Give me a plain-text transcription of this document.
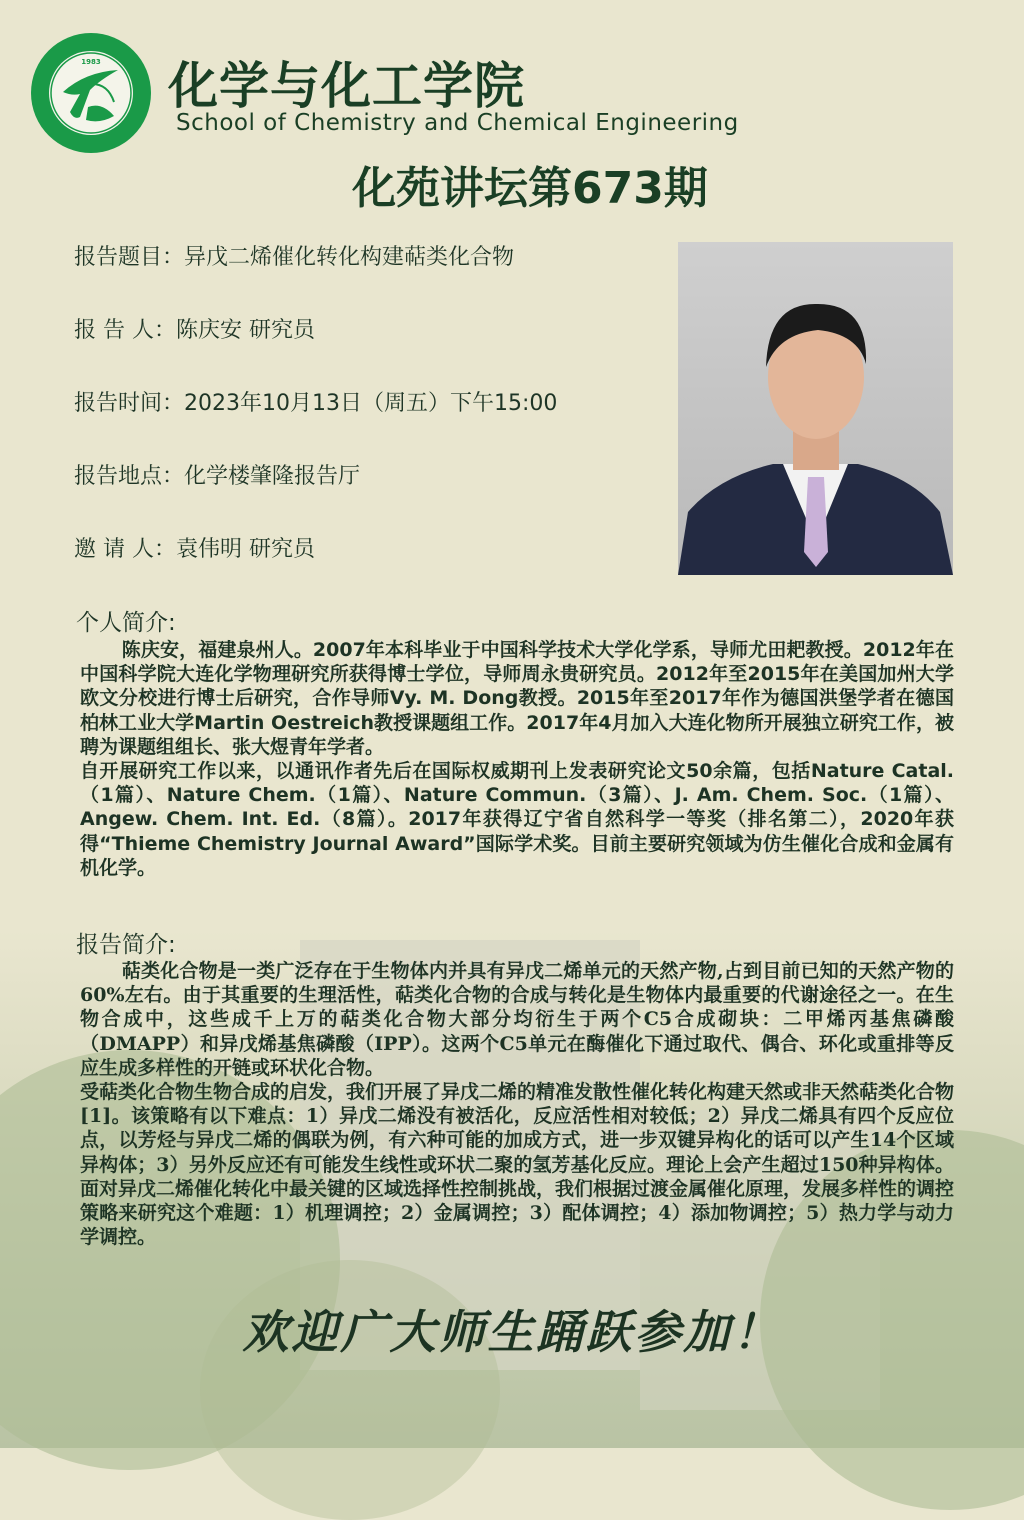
1983 化学与化工学院
School of Chemistry and Chemical Engineering
化苑讲坛第673期
报告题目：异戊二烯催化转化构建萜类化合物
报 告 人：陈庆安 研究员
报告时间：2023年10月13日（周五）下午15:00
报告地点：化学楼肇隆报告厅
邀 请 人：袁伟明 研究员
个人简介:

陈庆安，福建泉州人。2007年本科毕业于中国科学技术大学化学系，导师尤田耙教授。2012年在中国科学院大连化学物理研究所获得博士学位，导师周永贵研究员。2012年至2015年在美国加州大学欧文分校进行博士后研究，合作导师Vy. M. Dong教授。2015年至2017年作为德国洪堡学者在德国柏林工业大学Martin Oestreich教授课题组工作。2017年4月加入大连化物所开展独立研究工作，被聘为课题组组长、张大煜青年学者。

自开展研究工作以来，以通讯作者先后在国际权威期刊上发表研究论文50余篇，包括Nature Catal.（1篇）、Nature Chem.（1篇）、Nature Commun.（3篇）、J. Am. Chem. Soc.（1篇）、Angew. Chem. Int. Ed.（8篇）。2017年获得辽宁省自然科学一等奖（排名第二），2020年获得“Thieme Chemistry Journal Award”国际学术奖。目前主要研究领域为仿生催化合成和金属有机化学。

报告简介:

萜类化合物是一类广泛存在于生物体内并具有异戊二烯单元的天然产物,占到目前已知的天然产物的60%左右。由于其重要的生理活性，萜类化合物的合成与转化是生物体内最重要的代谢途径之一。在生物合成中，这些成千上万的萜类化合物大部分均衍生于两个C5合成砌块：二甲烯丙基焦磷酸（DMAPP）和异戊烯基焦磷酸（IPP）。这两个C5单元在酶催化下通过取代、偶合、环化或重排等反应生成多样性的开链或环状化合物。

受萜类化合物生物合成的启发，我们开展了异戊二烯的精准发散性催化转化构建天然或非天然萜类化合物[1]。该策略有以下难点：1）异戊二烯没有被活化，反应活性相对较低；2）异戊二烯具有四个反应位点，以芳烃与异戊二烯的偶联为例，有六种可能的加成方式，进一步双键异构化的话可以产生14个区域异构体；3）另外反应还有可能发生线性或环状二聚的氢芳基化反应。理论上会产生超过150种异构体。面对异戊二烯催化转化中最关键的区域选择性控制挑战，我们根据过渡金属催化原理，发展多样性的调控策略来研究这个难题：1）机理调控；2）金属调控；3）配体调控；4）添加物调控；5）热力学与动力学调控。

欢迎广大师生踊跃参加！
